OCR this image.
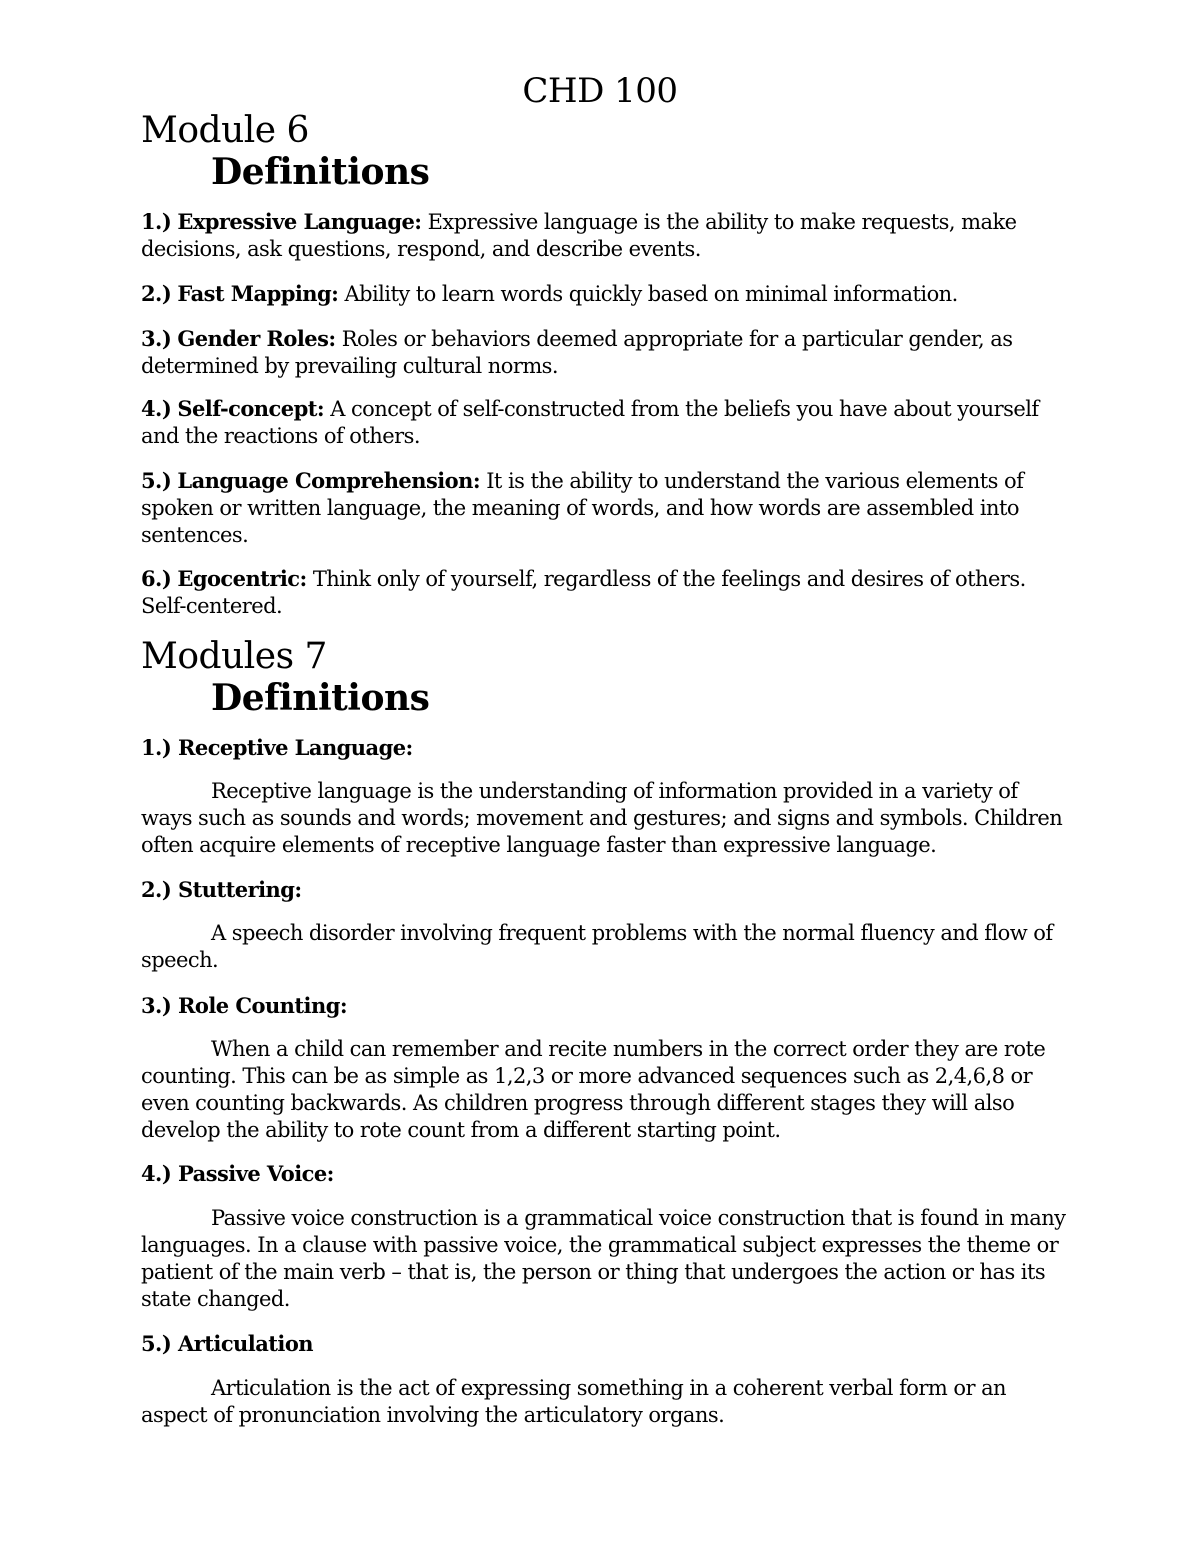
CHD 100
Module 6
Definitions
1.) Expressive Language: Expressive language is the ability to make requests, make decisions, ask questions, respond, and describe events.
2.) Fast Mapping: Ability to learn words quickly based on minimal information.
3.) Gender Roles: Roles or behaviors deemed appropriate for a particular gender, as determined by prevailing cultural norms.
4.) Self-concept: A concept of self-constructed from the beliefs you have about yourself and the reactions of others.
5.) Language Comprehension: It is the ability to understand the various elements of spoken or written language, the meaning of words, and how words are assembled into sentences.
6.) Egocentric: Think only of yourself, regardless of the feelings and desires of others. Self-centered.
Modules 7
Definitions
1.) Receptive Language:
Receptive language is the understanding of information provided in a variety of ways such as sounds and words; movement and gestures; and signs and symbols. Children often acquire elements of receptive language faster than expressive language.
2.) Stuttering:
A speech disorder involving frequent problems with the normal fluency and flow of speech.
3.) Role Counting:
When a child can remember and recite numbers in the correct order they are rote counting. This can be as simple as 1,2,3 or more advanced sequences such as 2,4,6,8 or even counting backwards. As children progress through different stages they will also develop the ability to rote count from a different starting point.
4.) Passive Voice:
Passive voice construction is a grammatical voice construction that is found in many languages. In a clause with passive voice, the grammatical subject expresses the theme or patient of the main verb – that is, the person or thing that undergoes the action or has its state changed.
5.) Articulation
Articulation is the act of expressing something in a coherent verbal form or an aspect of pronunciation involving the articulatory organs.
